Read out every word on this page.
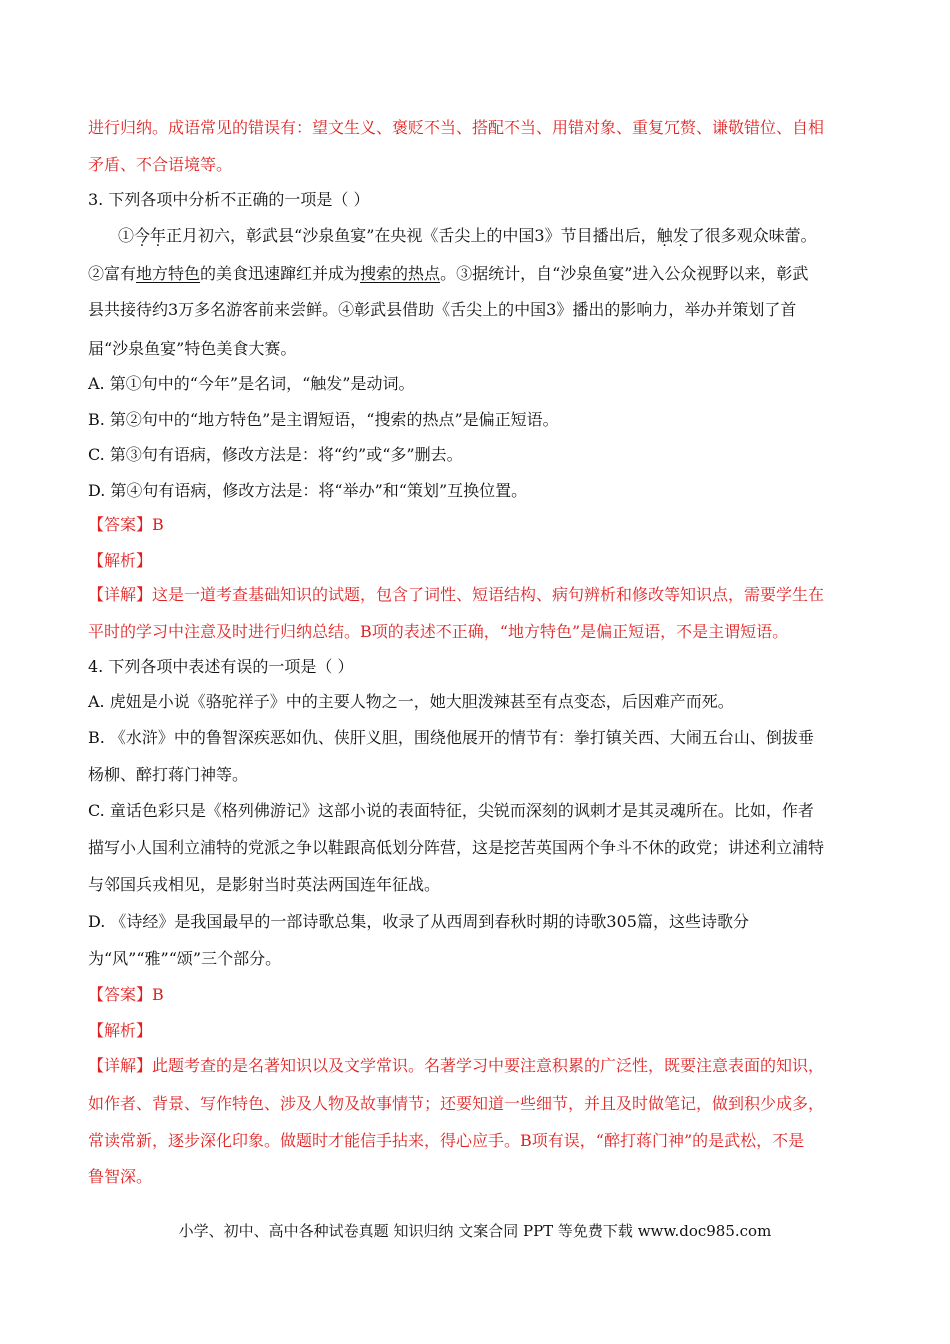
进行归纳。成语常见的错误有：望文生义、褒贬不当、搭配不当、用错对象、重复冗赘、谦敬错位、自相
矛盾、不合语境等。
3. 下列各项中分析不正确的一项是（ ）
①今年正月初六，彰武县“沙泉鱼宴”在央视《舌尖上的中国3》节目播出后，触发了很多观众味蕾。
②富有地方特色的美食迅速蹿红并成为搜索的热点。③据统计，自“沙泉鱼宴”进入公众视野以来，彰武
县共接待约3万多名游客前来尝鲜。④彰武县借助《舌尖上的中国3》播出的影响力，举办并策划了首
届“沙泉鱼宴”特色美食大赛。
A. 第①句中的“今年”是名词，“触发”是动词。
B. 第②句中的“地方特色”是主谓短语，“搜索的热点”是偏正短语。
C. 第③句有语病，修改方法是：将“约”或“多”删去。
D. 第④句有语病，修改方法是：将“举办”和“策划”互换位置。
【答案】B
【解析】
【详解】这是一道考查基础知识的试题，包含了词性、短语结构、病句辨析和修改等知识点，需要学生在
平时的学习中注意及时进行归纳总结。B项的表述不正确，“地方特色”是偏正短语，不是主谓短语。
4. 下列各项中表述有误的一项是（ ）
A. 虎妞是小说《骆驼祥子》中的主要人物之一，她大胆泼辣甚至有点变态，后因难产而死。
B. 《水浒》中的鲁智深疾恶如仇、侠肝义胆，围绕他展开的情节有：拳打镇关西、大闹五台山、倒拔垂
杨柳、醉打蒋门神等。
C. 童话色彩只是《格列佛游记》这部小说的表面特征，尖锐而深刻的讽刺才是其灵魂所在。比如，作者
描写小人国利立浦特的党派之争以鞋跟高低划分阵营，这是挖苦英国两个争斗不休的政党；讲述利立浦特
与邻国兵戎相见，是影射当时英法两国连年征战。
D. 《诗经》是我国最早的一部诗歌总集，收录了从西周到春秋时期的诗歌305篇，这些诗歌分
为“风”“雅”“颂”三个部分。
【答案】B
【解析】
【详解】此题考查的是名著知识以及文学常识。名著学习中要注意积累的广泛性，既要注意表面的知识，
如作者、背景、写作特色、涉及人物及故事情节；还要知道一些细节，并且及时做笔记，做到积少成多，
常读常新，逐步深化印象。做题时才能信手拈来，得心应手。B项有误，“醉打蒋门神”的是武松，不是
鲁智深。
小学、初中、高中各种试卷真题 知识归纳 文案合同 PPT 等免费下载 www.doc985.com
